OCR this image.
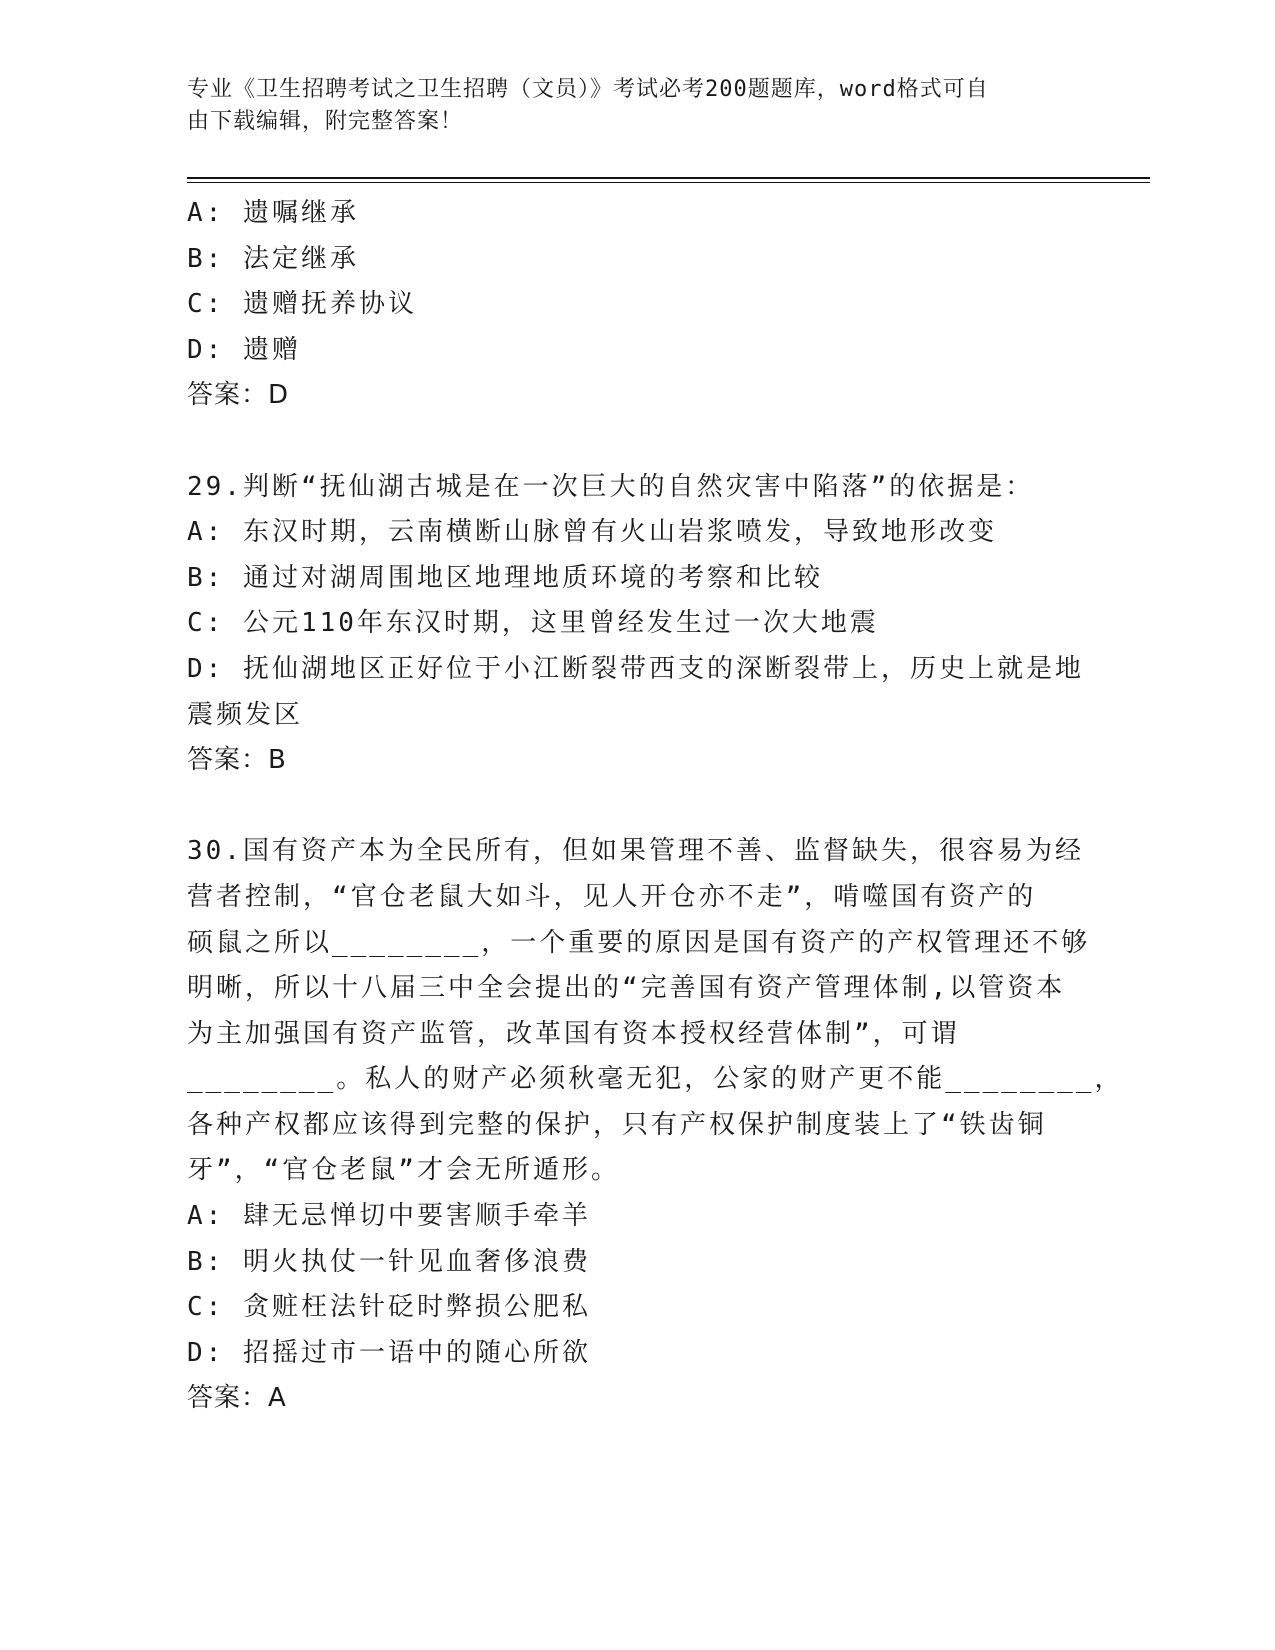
专业《卫生招聘考试之卫生招聘（文员）》考试必考200题题库，word格式可自
由下载编辑，附完整答案！
A: 遗嘱继承
B: 法定继承
C: 遗赠抚养协议
D: 遗赠
答案：D
29.判断“抚仙湖古城是在一次巨大的自然灾害中陷落”的依据是：
A: 东汉时期，云南横断山脉曾有火山岩浆喷发，导致地形改变
B: 通过对湖周围地区地理地质环境的考察和比较
C: 公元110年东汉时期，这里曾经发生过一次大地震
D: 抚仙湖地区正好位于小江断裂带西支的深断裂带上，历史上就是地
震频发区
答案：B
30.国有资产本为全民所有，但如果管理不善、监督缺失，很容易为经
营者控制，“官仓老鼠大如斗，见人开仓亦不走”，啃噬国有资产的
硕鼠之所以________，一个重要的原因是国有资产的产权管理还不够
明晰，所以十八届三中全会提出的“完善国有资产管理体制,以管资本
为主加强国有资产监管，改革国有资本授权经营体制”，可谓
________。私人的财产必须秋毫无犯，公家的财产更不能________，
各种产权都应该得到完整的保护，只有产权保护制度装上了“铁齿铜
牙”，“官仓老鼠”才会无所遁形。
A: 肆无忌惮切中要害顺手牵羊
B: 明火执仗一针见血奢侈浪费
C: 贪赃枉法针砭时弊损公肥私
D: 招摇过市一语中的随心所欲
答案：A
